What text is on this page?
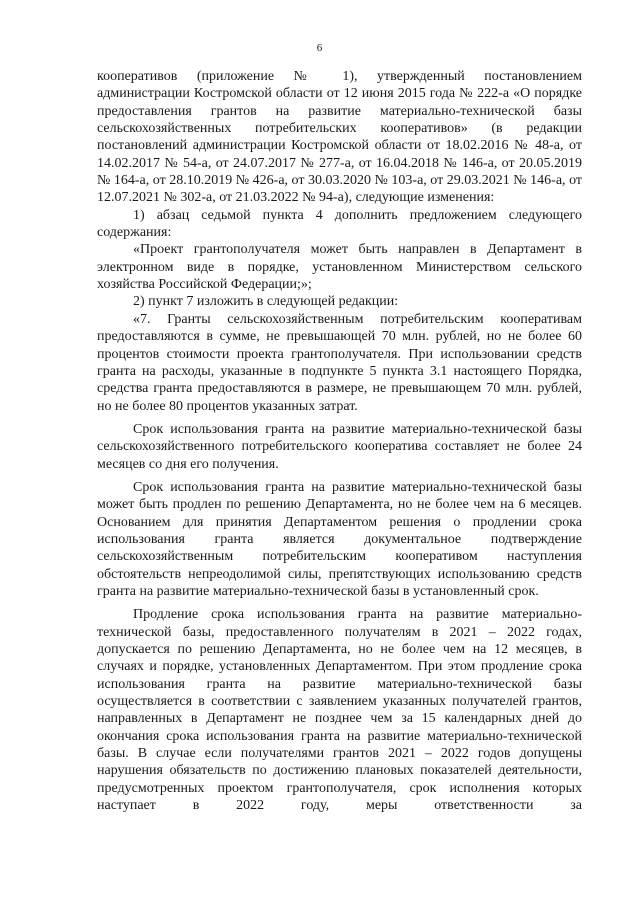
6

кооперативов (приложение № 1), утвержденный постановлением администрации Костромской области от 12 июня 2015 года № 222-а «О порядке предоставления грантов на развитие материально-технической базы сельскохозяйственных потребительских кооперативов» (в редакции постановлений администрации Костромской области от 18.02.2016 № 48-а, от 14.02.2017 № 54-а, от 24.07.2017 № 277-а, от 16.04.2018 № 146-а, от 20.05.2019 № 164-а, от 28.10.2019 № 426-а, от 30.03.2020 № 103-а, от 29.03.2021 № 146-а, от 12.07.2021 № 302-а, от 21.03.2022 № 94-а), следующие изменения:

1) абзац седьмой пункта 4 дополнить предложением следующего содержания:

«Проект грантополучателя может быть направлен в Департамент в электронном виде в порядке, установленном Министерством сельского хозяйства Российской Федерации;»;

2) пункт 7 изложить в следующей редакции:

«7. Гранты сельскохозяйственным потребительским кооперативам предоставляются в сумме, не превышающей 70 млн. рублей, но не более 60 процентов стоимости проекта грантополучателя. При использовании средств гранта на расходы, указанные в подпункте 5 пункта 3.1 настоящего Порядка, средства гранта предоставляются в размере, не превышающем 70 млн. рублей, но не более 80 процентов указанных затрат.

Срок использования гранта на развитие материально-технической базы сельскохозяйственного потребительского кооператива составляет не более 24 месяцев со дня его получения.

Срок использования гранта на развитие материально-технической базы может быть продлен по решению Департамента, но не более чем на 6 месяцев. Основанием для принятия Департаментом решения о продлении срока использования гранта является документальное подтверждение сельскохозяйственным потребительским кооперативом наступления обстоятельств непреодолимой силы, препятствующих использованию средств гранта на развитие материально-технической базы в установленный срок.

Продление срока использования гранта на развитие материально-технической базы, предоставленного получателям в 2021 – 2022 годах, допускается по решению Департамента, но не более чем на 12 месяцев, в случаях и порядке, установленных Департаментом. При этом продление срока использования гранта на развитие материально-технической базы осуществляется в соответствии с заявлением указанных получателей грантов, направленных в Департамент не позднее чем за 15 календарных дней до окончания срока использования гранта на развитие материально-технической базы. В случае если получателями грантов 2021 – 2022 годов допущены нарушения обязательств по достижению плановых показателей деятельности, предусмотренных проектом грантополучателя, срок исполнения которых наступает в 2022 году, меры ответственности за
